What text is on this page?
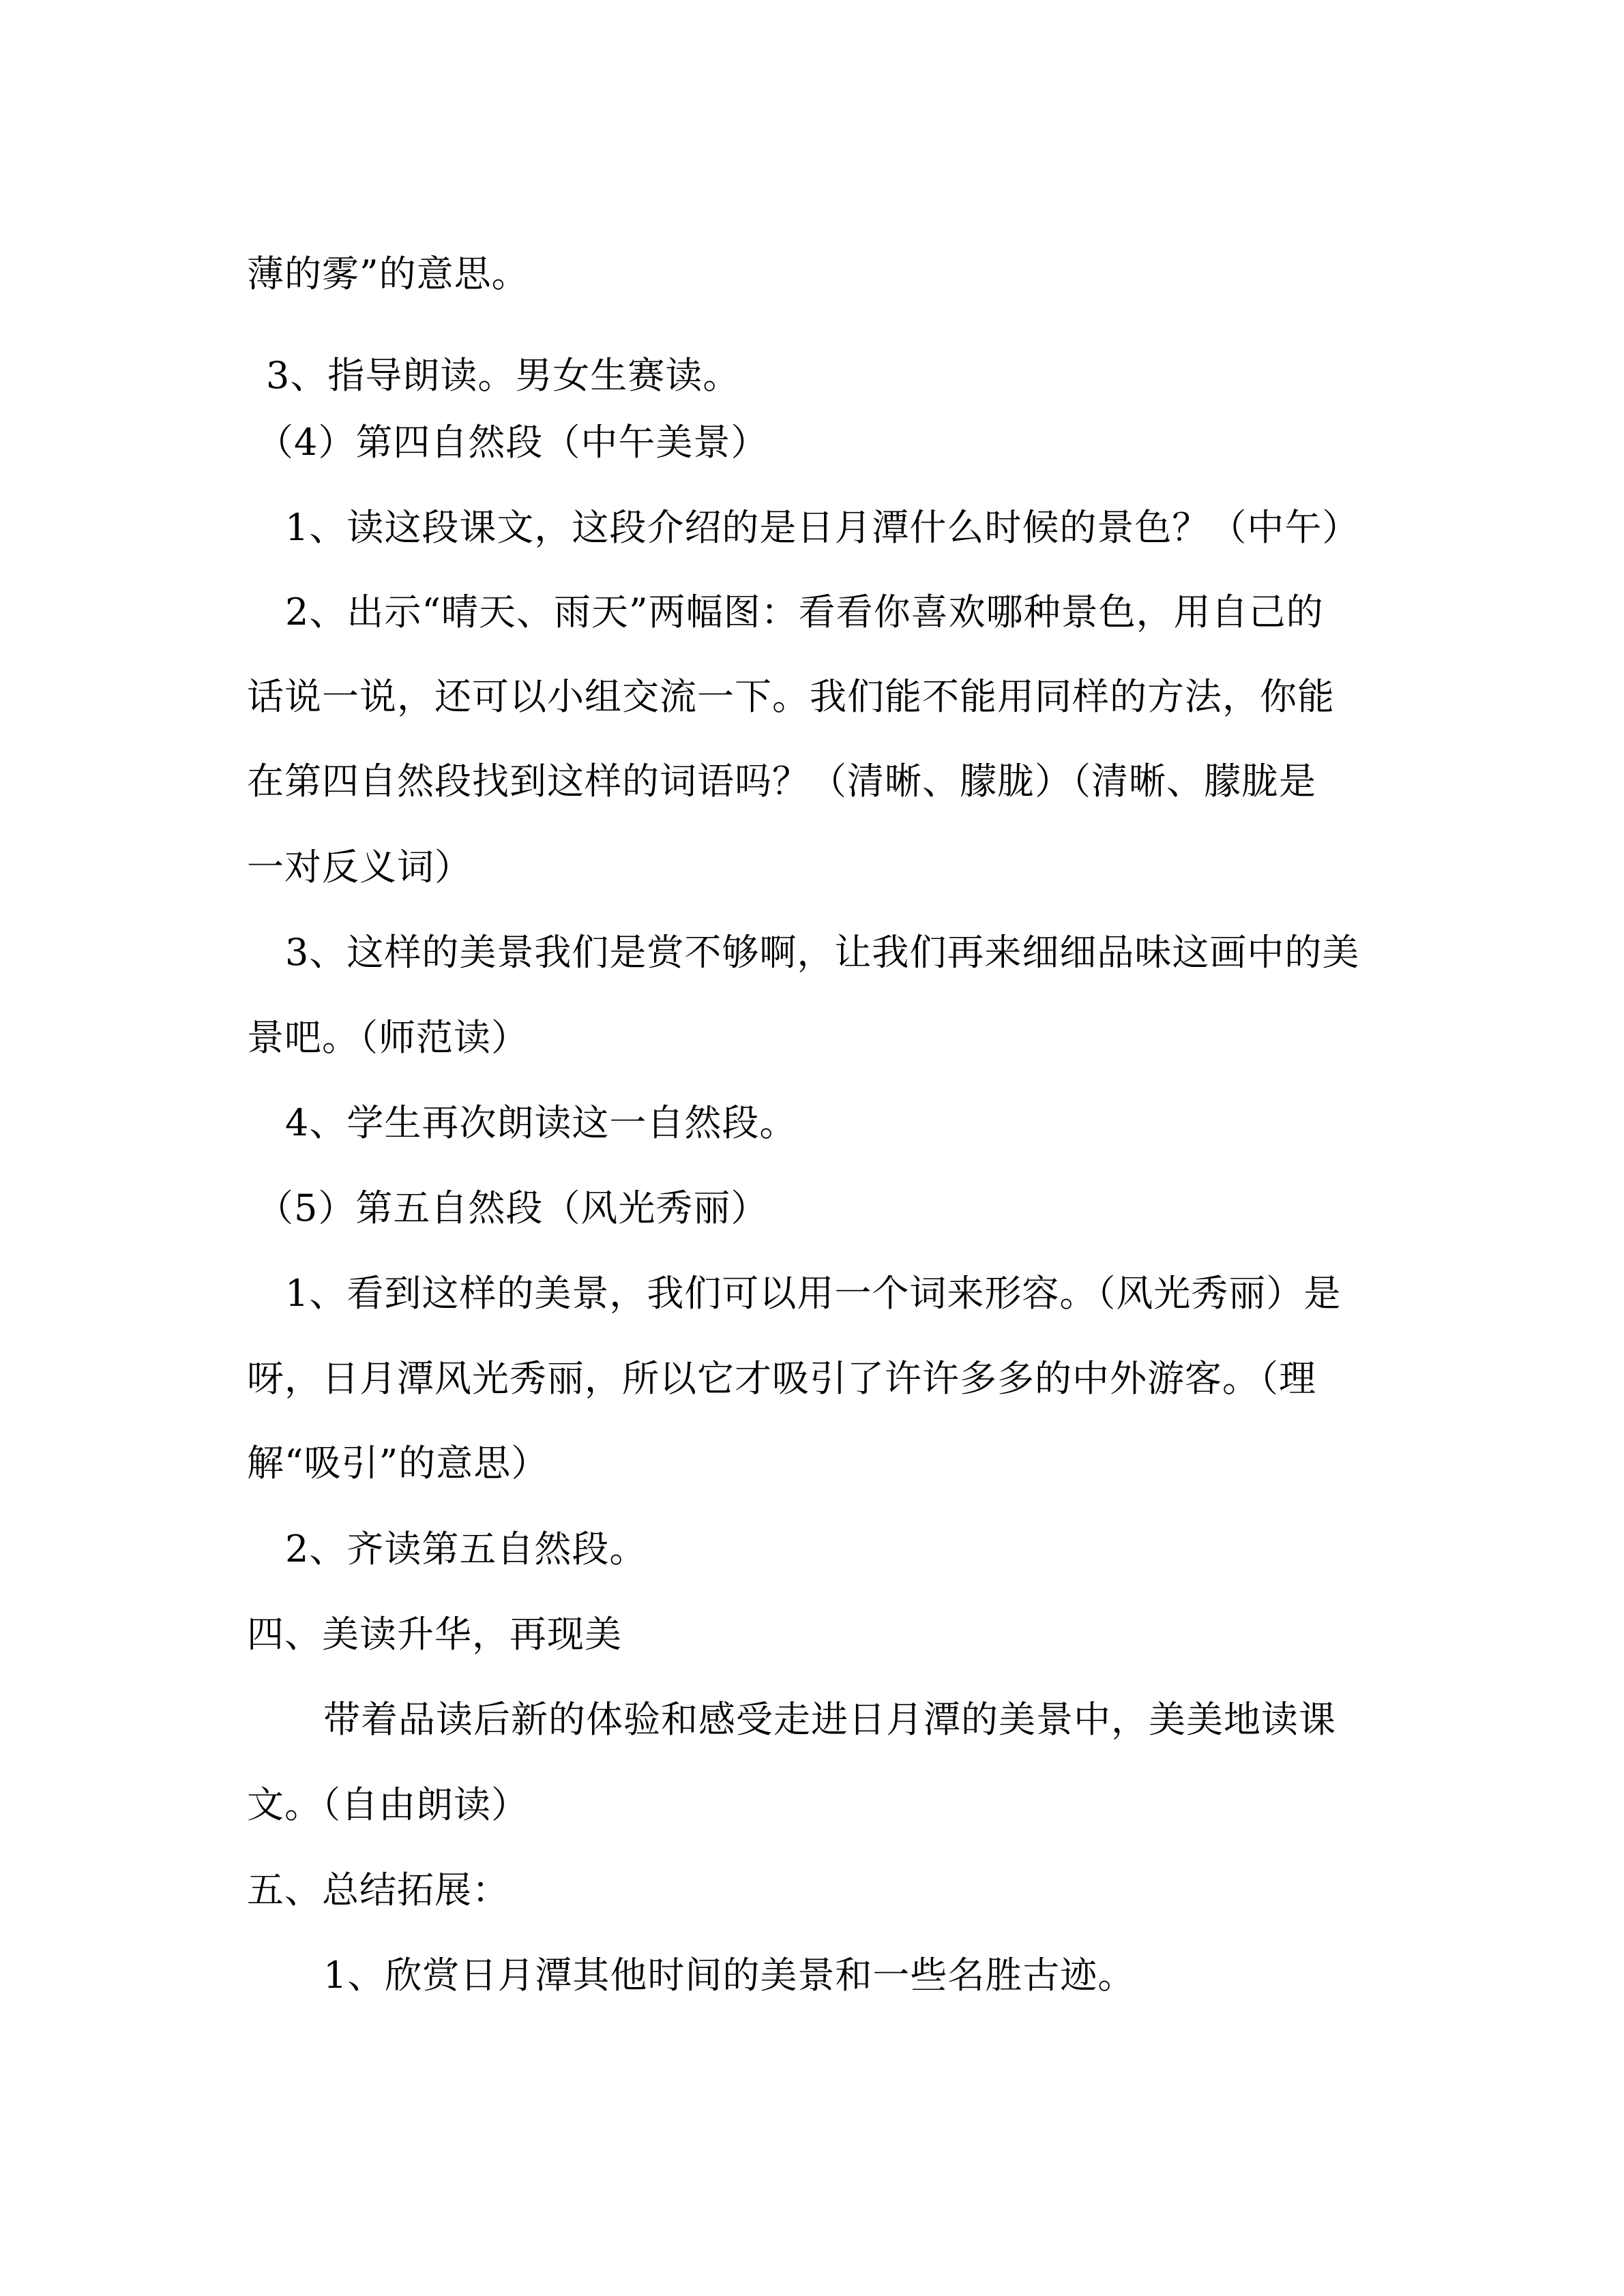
薄的雾”的意思。
3、指导朗读。男女生赛读。
（4）第四自然段（中午美景）
1、读这段课文，这段介绍的是日月潭什么时候的景色？（中午）
2、出示“晴天、雨天”两幅图：看看你喜欢哪种景色，用自己的
话说一说，还可以小组交流一下。我们能不能用同样的方法，你能
在第四自然段找到这样的词语吗？（清晰、朦胧）（清晰、朦胧是
一对反义词）
3、这样的美景我们是赏不够啊，让我们再来细细品味这画中的美
景吧。（师范读）
4、学生再次朗读这一自然段。
（5）第五自然段（风光秀丽）
1、看到这样的美景，我们可以用一个词来形容。（风光秀丽）是
呀，日月潭风光秀丽，所以它才吸引了许许多多的中外游客。（理
解“吸引”的意思）
2、齐读第五自然段。
四、美读升华，再现美
带着品读后新的体验和感受走进日月潭的美景中，美美地读课
文。（自由朗读）
五、总结拓展：
1、欣赏日月潭其他时间的美景和一些名胜古迹。
